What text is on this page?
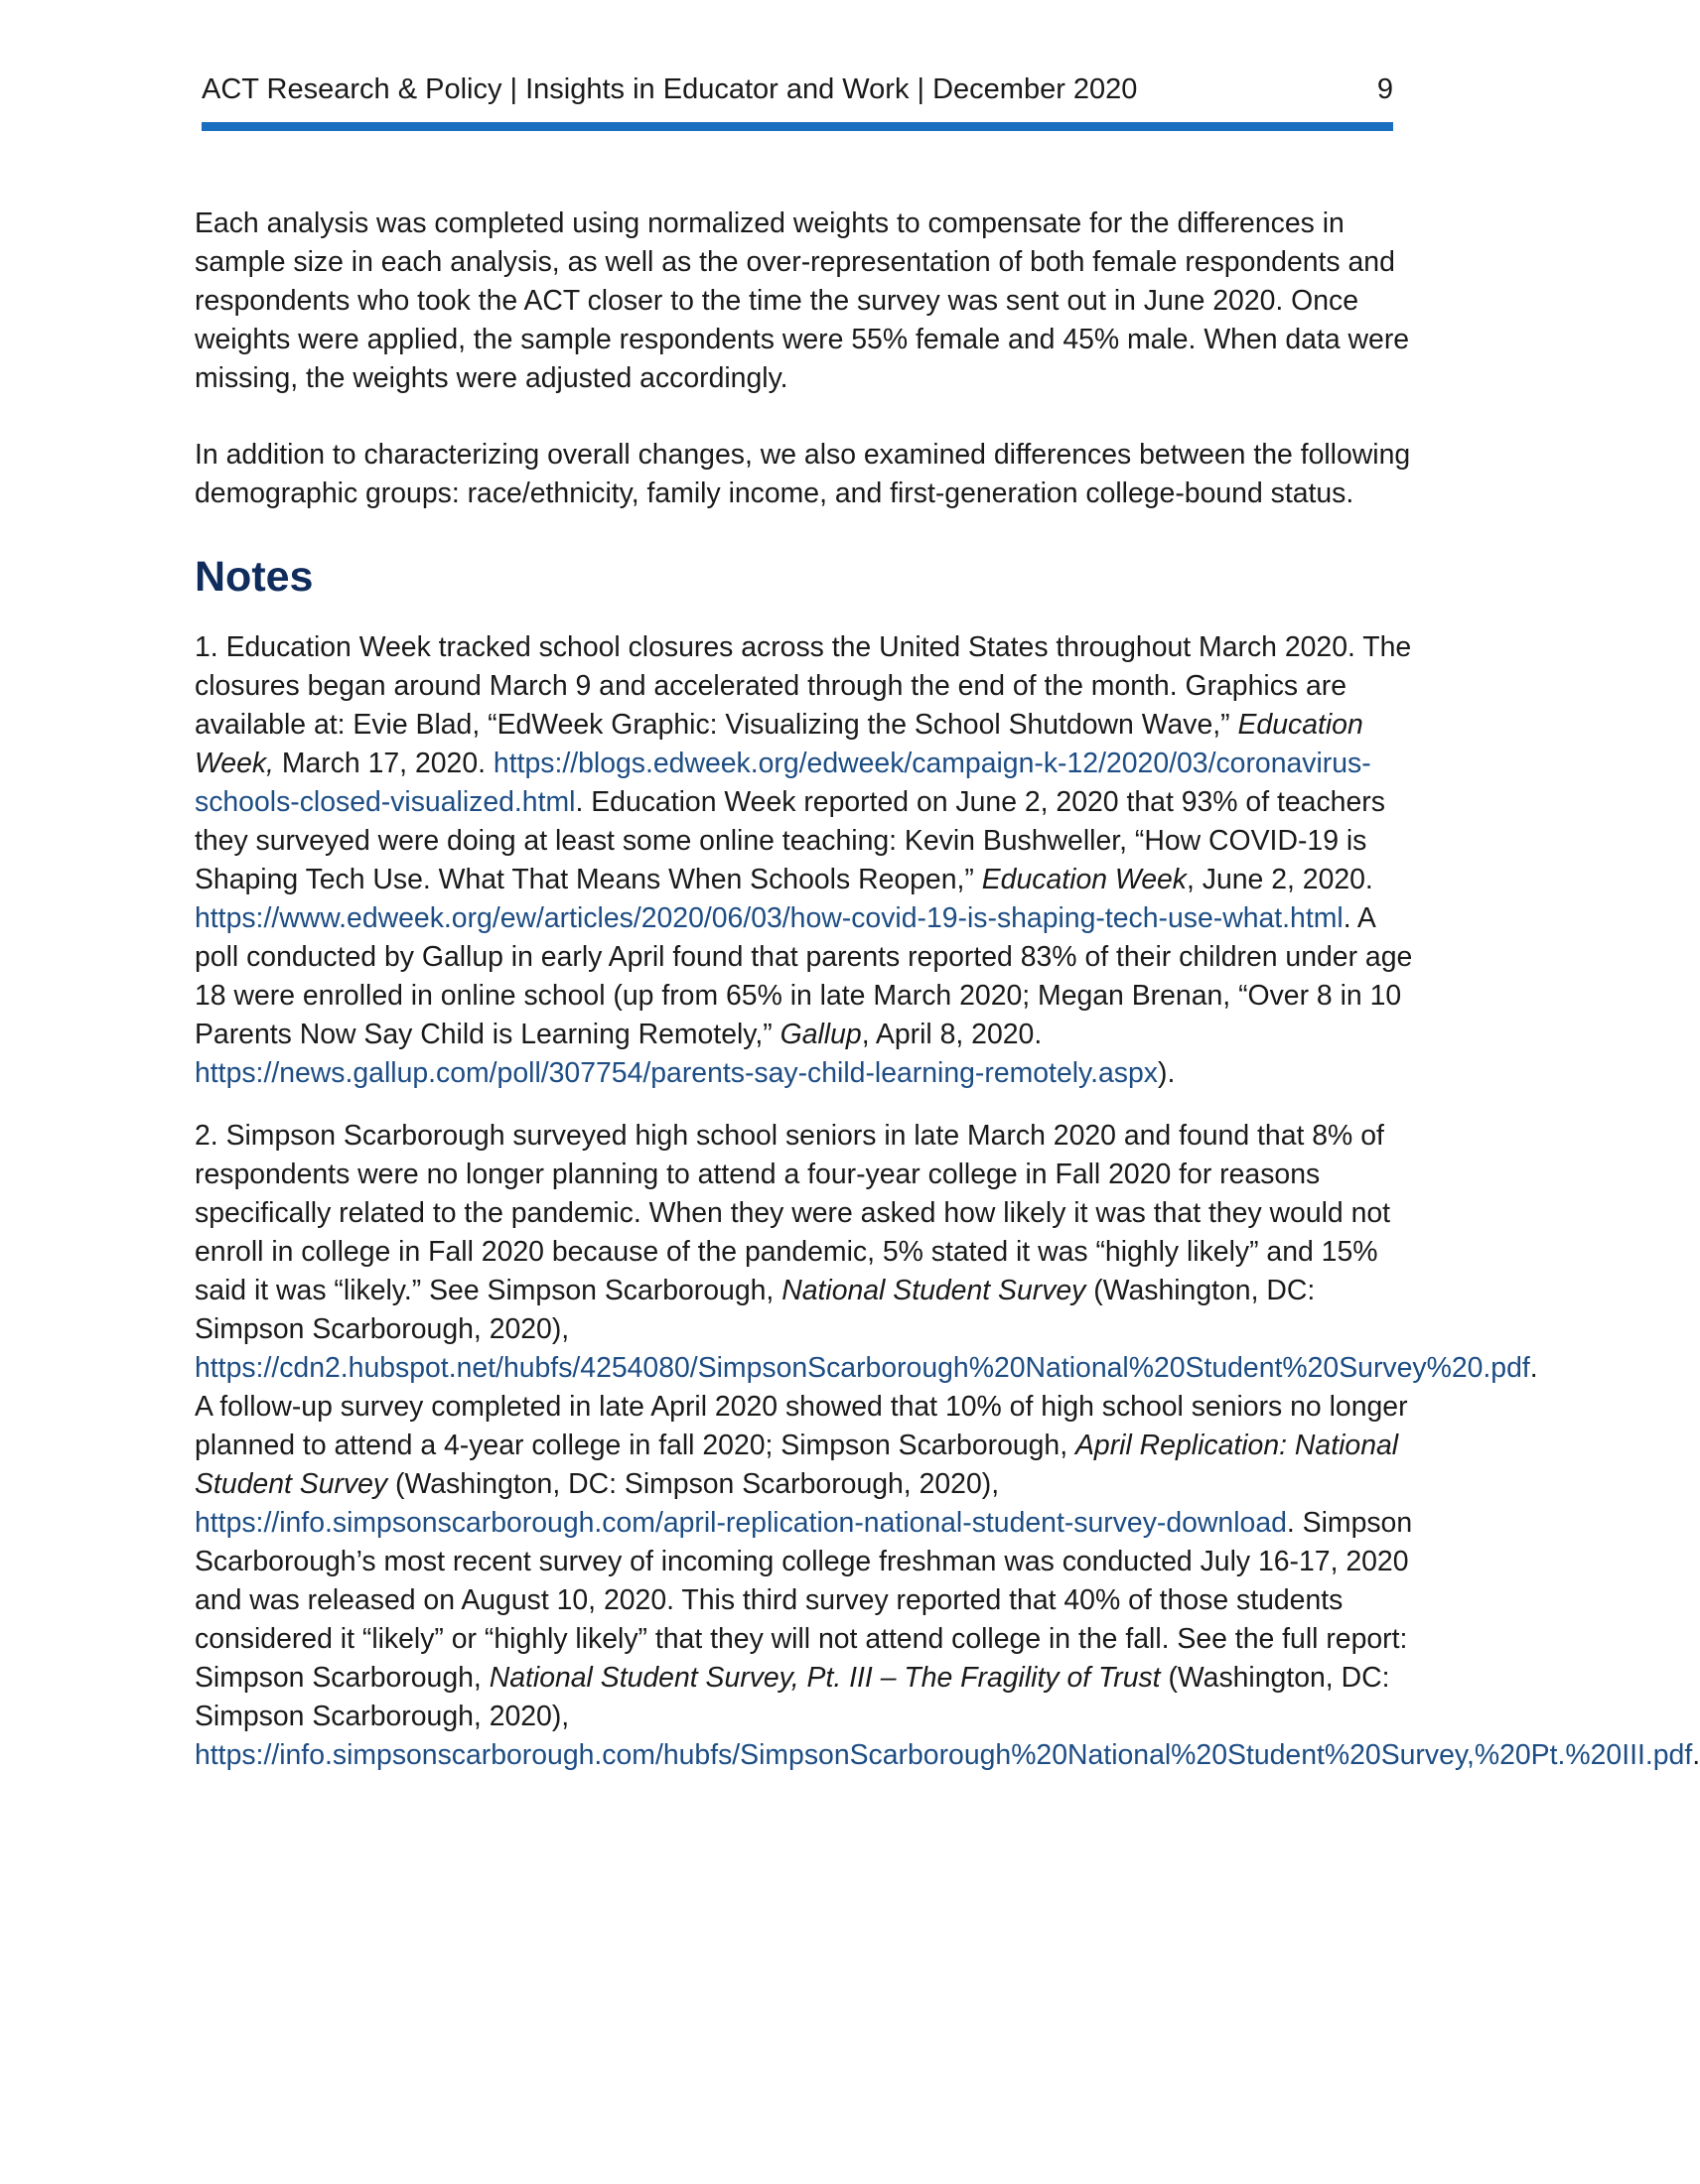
ACT Research & Policy | Insights in Educator and Work | December 2020	9

Each analysis was completed using normalized weights to compensate for the differences in sample size in each analysis, as well as the over-representation of both female respondents and respondents who took the ACT closer to the time the survey was sent out in June 2020. Once weights were applied, the sample respondents were 55% female and 45% male. When data were missing, the weights were adjusted accordingly.

In addition to characterizing overall changes, we also examined differences between the following demographic groups: race/ethnicity, family income, and first-generation college-bound status.

Notes

1. Education Week tracked school closures across the United States throughout March 2020. The closures began around March 9 and accelerated through the end of the month. Graphics are available at: Evie Blad, “EdWeek Graphic: Visualizing the School Shutdown Wave,” Education Week, March 17, 2020. https://blogs.edweek.org/edweek/campaign-k-12/2020/03/coronavirus-schools-closed-visualized.html. Education Week reported on June 2, 2020 that 93% of teachers they surveyed were doing at least some online teaching: Kevin Bushweller, “How COVID-19 is Shaping Tech Use. What That Means When Schools Reopen,” Education Week, June 2, 2020. https://www.edweek.org/ew/articles/2020/06/03/how-covid-19-is-shaping-tech-use-what.html. A poll conducted by Gallup in early April found that parents reported 83% of their children under age 18 were enrolled in online school (up from 65% in late March 2020; Megan Brenan, “Over 8 in 10 Parents Now Say Child is Learning Remotely,” Gallup, April 8, 2020. https://news.gallup.com/poll/307754/parents-say-child-learning-remotely.aspx).

2. Simpson Scarborough surveyed high school seniors in late March 2020 and found that 8% of respondents were no longer planning to attend a four-year college in Fall 2020 for reasons specifically related to the pandemic. When they were asked how likely it was that they would not enroll in college in Fall 2020 because of the pandemic, 5% stated it was “highly likely” and 15% said it was “likely.” See Simpson Scarborough, National Student Survey (Washington, DC: Simpson Scarborough, 2020), https://cdn2.hubspot.net/hubfs/4254080/SimpsonScarborough%20National%20Student%20Survey%20.pdf. A follow-up survey completed in late April 2020 showed that 10% of high school seniors no longer planned to attend a 4-year college in fall 2020; Simpson Scarborough, April Replication: National Student Survey (Washington, DC: Simpson Scarborough, 2020), https://info.simpsonscarborough.com/april-replication-national-student-survey-download. Simpson Scarborough’s most recent survey of incoming college freshman was conducted July 16-17, 2020 and was released on August 10, 2020. This third survey reported that 40% of those students considered it “likely” or “highly likely” that they will not attend college in the fall. See the full report: Simpson Scarborough, National Student Survey, Pt. III – The Fragility of Trust (Washington, DC: Simpson Scarborough, 2020), https://info.simpsonscarborough.com/hubfs/SimpsonScarborough%20National%20Student%20Survey,%20Pt.%20III.pdf.
